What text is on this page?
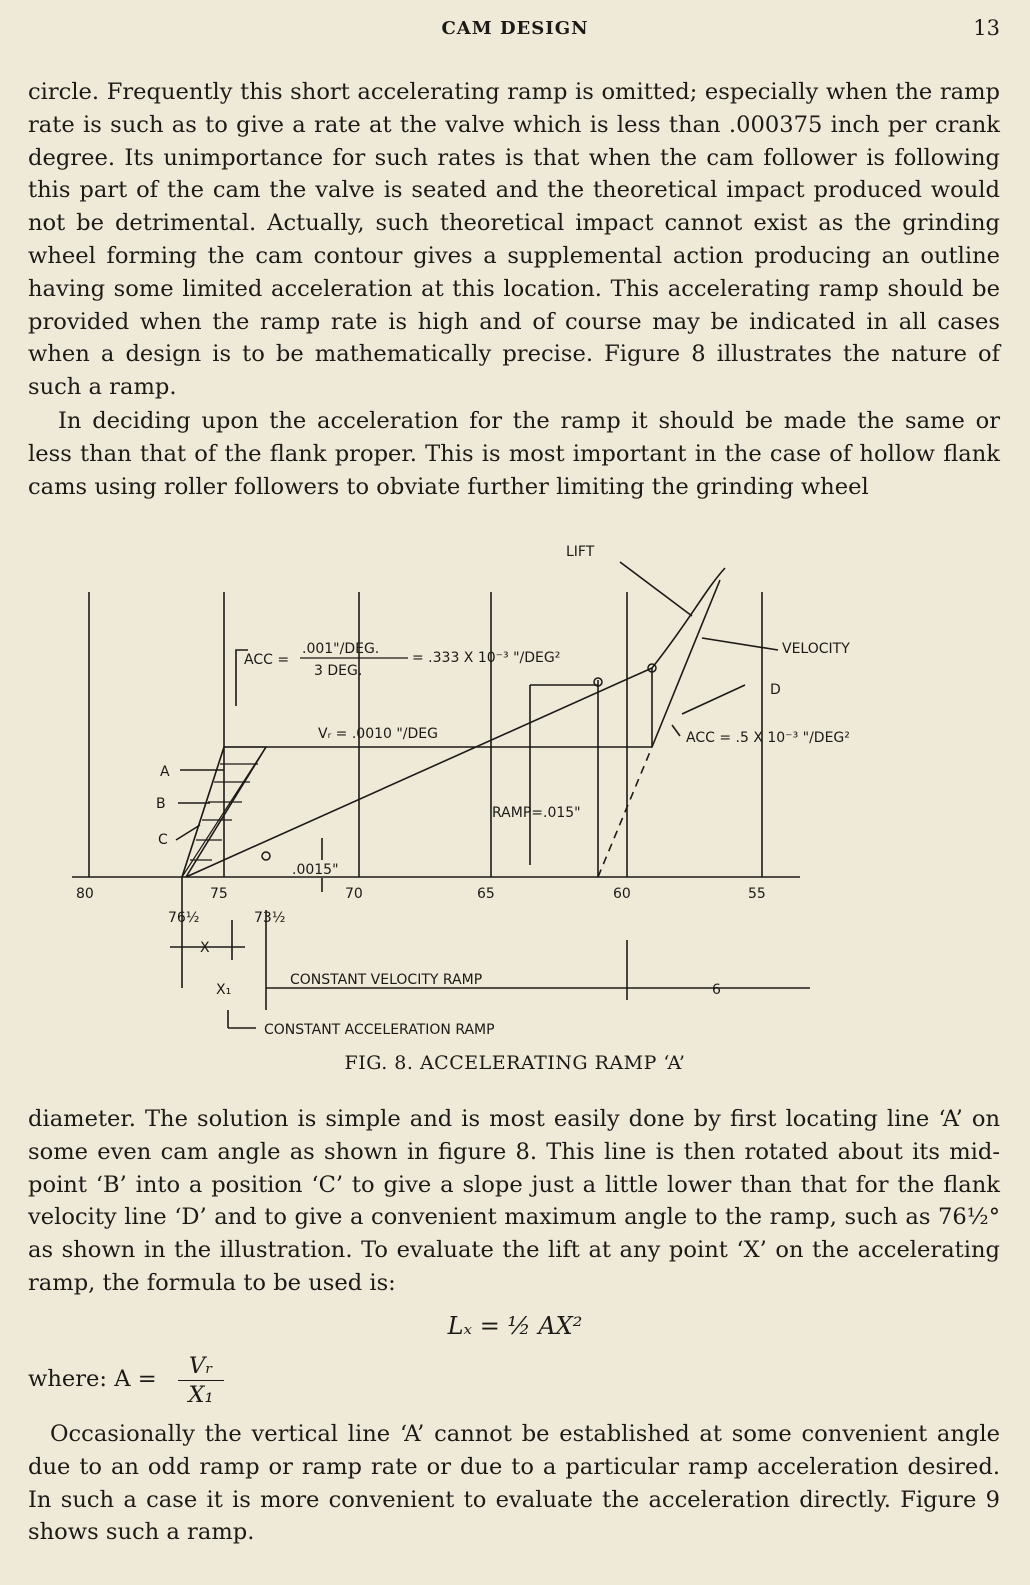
CAM DESIGN	13

circle. Frequently this short accelerating ramp is omitted; especially when the ramp rate is such as to give a rate at the valve which is less than .000375 inch per crank degree. Its unimportance for such rates is that when the cam follower is following this part of the cam the valve is seated and the theoretical impact produced would not be detrimental. Actually, such theoretical impact cannot exist as the grinding wheel forming the cam contour gives a supplemental action producing an outline having some limited acceleration at this location. This accelerating ramp should be provided when the ramp rate is high and of course may be indicated in all cases when a design is to be mathematically precise. Figure 8 illustrates the nature of such a ramp.

In deciding upon the acceleration for the ramp it should be made the same or less than that of the flank proper. This is most important in the case of hollow flank cams using roller followers to obviate further limiting the grinding wheel

LIFT
VELOCITY
D
ACC =
.001"/DEG.
3 DEG.
= .333 X 10⁻³ "/DEG²
ACC = .5 X 10⁻³ "/DEG²
Vᵣ = .0010 "/DEG
RAMP=.015"
.0015"
A
B
C
80	75	70	65	60	55
76½	73½
X
X₁
CONSTANT VELOCITY RAMP
6
CONSTANT ACCELERATION RAMP
FIG. 8. ACCELERATING RAMP ‘A’

diameter. The solution is simple and is most easily done by first locating line ‘A’ on some even cam angle as shown in figure 8. This line is then rotated about its mid-point ‘B’ into a position ‘C’ to give a slope just a little lower than that for the flank velocity line ‘D’ and to give a convenient maximum angle to the ramp, such as 76½° as shown in the illustration. To evaluate the lift at any point ‘X’ on the accelerating ramp, the formula to be used is:

Lₓ = ½ AX²
where: $A = \frac{\text{Vᵣ}}{\text{X₁}}$

Occasionally the vertical line ‘A’ cannot be established at some convenient angle due to an odd ramp or ramp rate or due to a particular ramp acceleration desired. In such a case it is more convenient to evaluate the acceleration directly. Figure 9 shows such a ramp.
